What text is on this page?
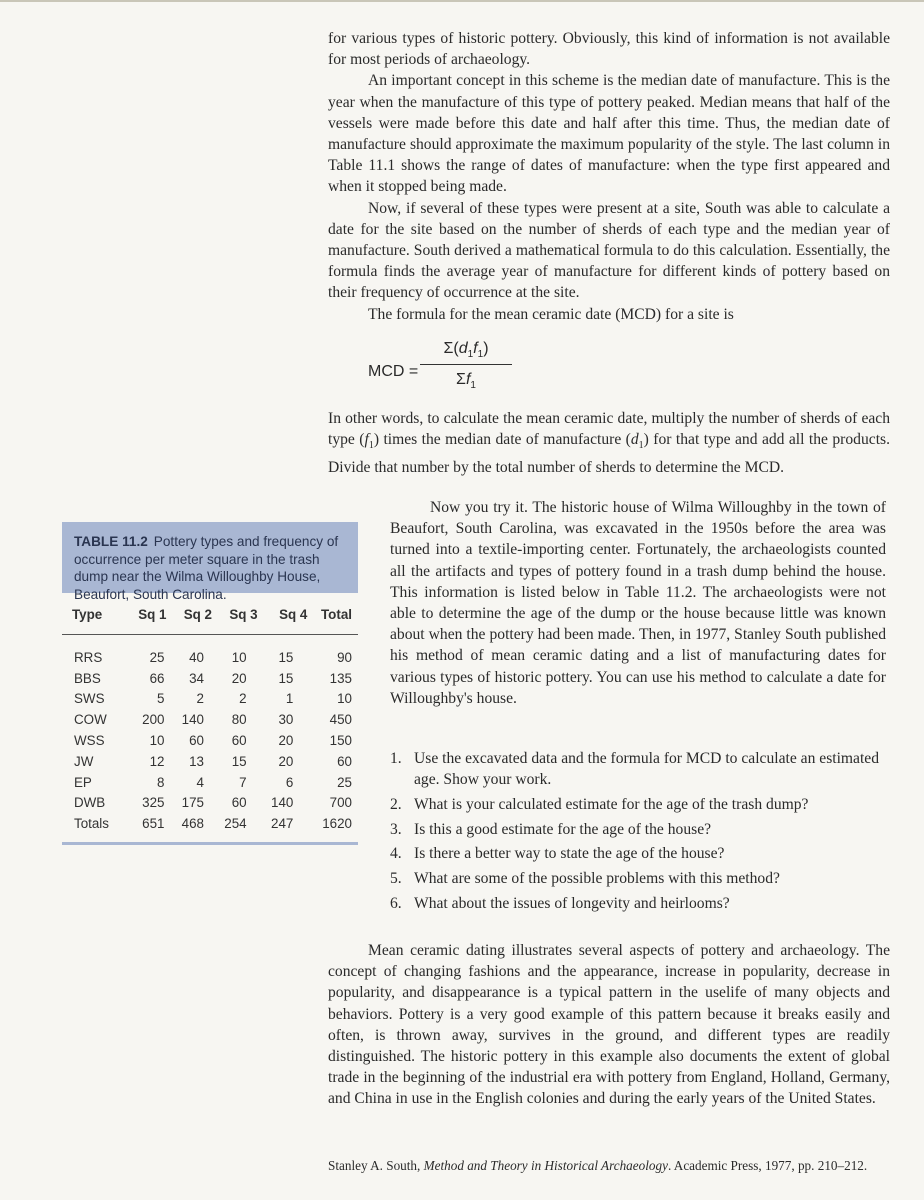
for various types of historic pottery. Obviously, this kind of information is not available for most periods of archaeology.

An important concept in this scheme is the median date of manufacture. This is the year when the manufacture of this type of pottery peaked. Median means that half of the vessels were made before this date and half after this time. Thus, the median date of manufacture should approximate the maximum popularity of the style. The last column in Table 11.1 shows the range of dates of manufacture: when the type first appeared and when it stopped being made.

Now, if several of these types were present at a site, South was able to calculate a date for the site based on the number of sherds of each type and the median year of manufacture. South derived a mathematical formula to do this calculation. Essentially, the formula finds the average year of manufacture for different kinds of pottery based on their frequency of occurrence at the site.

The formula for the mean ceramic date (MCD) for a site is

MCD = $\frac{\Sigma(d_1f_1)}{\Sigma f_1}$

In other words, to calculate the mean ceramic date, multiply the number of sherds of each type $(f_1)$ times the median date of manufacture $(d_1)$ for that type and add all the products. Divide that number by the total number of sherds to determine the MCD.

Now you try it. The historic house of Wilma Willoughby in the town of Beaufort, South Carolina, was excavated in the 1950s before the area was turned into a textile-importing center. Fortunately, the archaeologists counted all the artifacts and types of pottery found in a trash dump behind the house. This information is listed below in Table 11.2. The archaeologists were not able to determine the age of the dump or the house because little was known about when the pottery had been made. Then, in 1977, Stanley South published his method of mean ceramic dating and a list of manufacturing dates for various types of historic pottery. You can use his method to calculate a date for Willoughby's house.

1. Use the excavated data and the formula for MCD to calculate an estimated age. Show your work.
2. What is your calculated estimate for the age of the trash dump?
3. Is this a good estimate for the age of the house?
4. Is there a better way to state the age of the house?
5. What are some of the possible problems with this method?
6. What about the issues of longevity and heirlooms?

Mean ceramic dating illustrates several aspects of pottery and archaeology. The concept of changing fashions and the appearance, increase in popularity, decrease in popularity, and disappearance is a typical pattern in the uselife of many objects and behaviors. Pottery is a very good example of this pattern because it breaks easily and often, is thrown away, survives in the ground, and different types are readily distinguished. The historic pottery in this example also documents the extent of global trade in the beginning of the industrial era with pottery from England, Holland, Germany, and China in use in the English colonies and during the early years of the United States.

Stanley A. South, Method and Theory in Historical Archaeology. Academic Press, 1977, pp. 210–212.
TABLE 11.2 Pottery types and frequency of occurrence per meter square in the trash dump near the Wilma Willoughby House, Beaufort, South Carolina.
Type	Sq 1	Sq 2	Sq 3	Sq 4	Total
RRS	25	40	10	15	90
BBS	66	34	20	15	135
SWS	5	2	2	1	10
COW	200	140	80	30	450
WSS	10	60	60	20	150
JW	12	13	15	20	60
EP	8	4	7	6	25
DWB	325	175	60	140	700
Totals	651	468	254	247	1620
